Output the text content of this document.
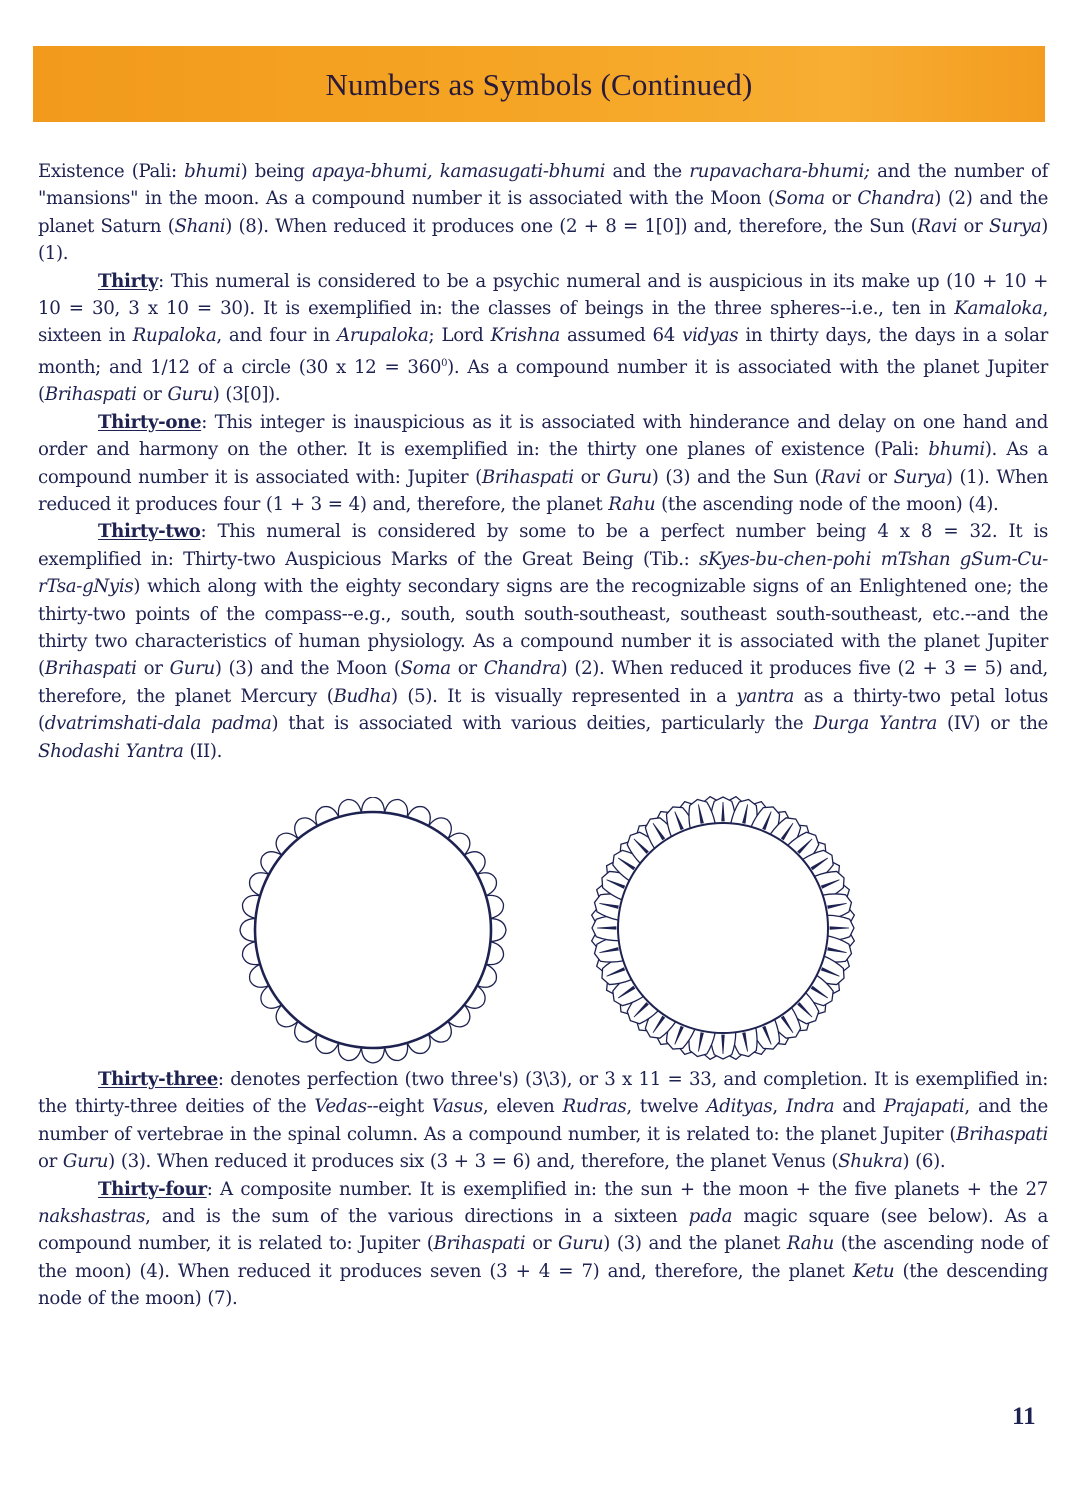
Numbers as Symbols (Continued)

Existence (Pali: bhumi) being apaya-bhumi, kamasugati-bhumi and the rupavachara-bhumi; and the number of "mansions" in the moon. As a compound number it is associated with the Moon (Soma or Chandra) (2) and the planet Saturn (Shani) (8). When reduced it produces one (2 + 8 = 1[0]) and, therefore, the Sun (Ravi or Surya) (1).

Thirty: This numeral is considered to be a psychic numeral and is auspicious in its make up (10 + 10 + 10 = 30, 3 x 10 = 30). It is exemplified in: the classes of beings in the three spheres--i.e., ten in Kamaloka, sixteen in Rupaloka, and four in Arupaloka; Lord Krishna assumed 64 vidyas in thirty days, the days in a solar month; and 1/12 of a circle (30 x $12 = 360^0$). As a compound number it is associated with the planet Jupiter (Brihaspati or Guru) (3[0]).

Thirty-one: This integer is inauspicious as it is associated with hinderance and delay on one hand and order and harmony on the other. It is exemplified in: the thirty one planes of existence (Pali: bhumi). As a compound number it is associated with: Jupiter (Brihaspati or Guru) (3) and the Sun (Ravi or Surya) (1). When reduced it produces four (1 + 3 = 4) and, therefore, the planet Rahu (the ascending node of the moon) (4).

Thirty-two: This numeral is considered by some to be a perfect number being 4 x 8 = 32. It is exemplified in: Thirty-two Auspicious Marks of the Great Being (Tib.: sKyes-bu-chen-pohi mTshan gSum-Cu-rTsa-gNyis) which along with the eighty secondary signs are the recognizable signs of an Enlightened one; the thirty-two points of the compass--e.g., south, south south-southeast, southeast south-southeast, etc.--and the thirty two characteristics of human physiology. As a compound number it is associated with the planet Jupiter (Brihaspati or Guru) (3) and the Moon (Soma or Chandra) (2). When reduced it produces five (2 + 3 = 5) and, therefore, the planet Mercury (Budha) (5). It is visually represented in a yantra as a thirty-two petal lotus (dvatrimshati-dala padma) that is associated with various deities, particularly the Durga Yantra (IV) or the Shodashi Yantra (II).

Thirty-three: denotes perfection (two three's) (3\3), or 3 x 11 = 33, and completion. It is exemplified in: the thirty-three deities of the Vedas--eight Vasus, eleven Rudras, twelve Adityas, Indra and Prajapati, and the number of vertebrae in the spinal column. As a compound number, it is related to: the planet Jupiter (Brihaspati or Guru) (3). When reduced it produces six (3 + 3 = 6) and, therefore, the planet Venus (Shukra) (6).

Thirty-four: A composite number. It is exemplified in: the sun + the moon + the five planets + the 27 nakshastras, and is the sum of the various directions in a sixteen pada magic square (see below). As a compound number, it is related to: Jupiter (Brihaspati or Guru) (3) and the planet Rahu (the ascending node of the moon) (4). When reduced it produces seven (3 + 4 = 7) and, therefore, the planet Ketu (the descending node of the moon) (7).

11
